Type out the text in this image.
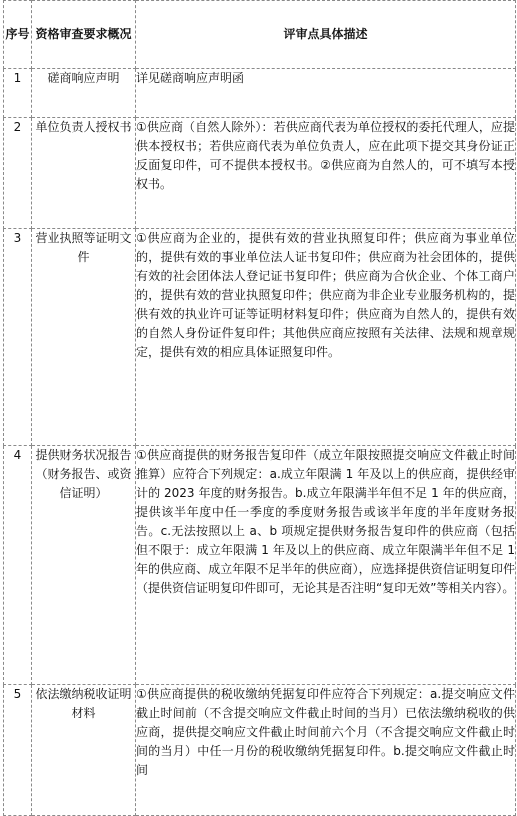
序号	资格审查要求概况	评审点具体描述
1	磋商响应声明	详见磋商响应声明函
2	单位负责人授权书	①供应商（自然人除外）：若供应商代表为单位授权的委托代理人，应提供本授权书；若供应商代表为单位负责人，应在此项下提交其身份证正反面复印件，可不提供本授权书。②供应商为自然人的，可不填写本授权书。
3	营业执照等证明文件	①供应商为企业的，提供有效的营业执照复印件；供应商为事业单位的，提供有效的事业单位法人证书复印件；供应商为社会团体的，提供有效的社会团体法人登记证书复印件；供应商为合伙企业、个体工商户的，提供有效的营业执照复印件；供应商为非企业专业服务机构的，提供有效的执业许可证等证明材料复印件；供应商为自然人的，提供有效的自然人身份证件复印件；其他供应商应按照有关法律、法规和规章规定，提供有效的相应具体证照复印件。
4	提供财务状况报告（财务报告、或资信证明）	①供应商提供的财务报告复印件（成立年限按照提交响应文件截止时间推算）应符合下列规定：a.成立年限满 1 年及以上的供应商，提供经审计的 2023 年度的财务报告。b.成立年限满半年但不足 1 年的供应商，提供该半年度中任一季度的季度财务报告或该半年度的半年度财务报告。c.无法按照以上 a、b 项规定提供财务报告复印件的供应商（包括但不限于：成立年限满 1 年及以上的供应商、成立年限满半年但不足 1 年的供应商、成立年限不足半年的供应商），应选择提供资信证明复印件（提供资信证明复印件即可，无论其是否注明“复印无效”等相关内容）。
5	依法缴纳税收证明材料	①供应商提供的税收缴纳凭据复印件应符合下列规定：a.提交响应文件截止时间前（不含提交响应文件截止时间的当月）已依法缴纳税收的供应商，提供提交响应文件截止时间前六个月（不含提交响应文件截止时间的当月）中任一月份的税收缴纳凭据复印件。b.提交响应文件截止时间
